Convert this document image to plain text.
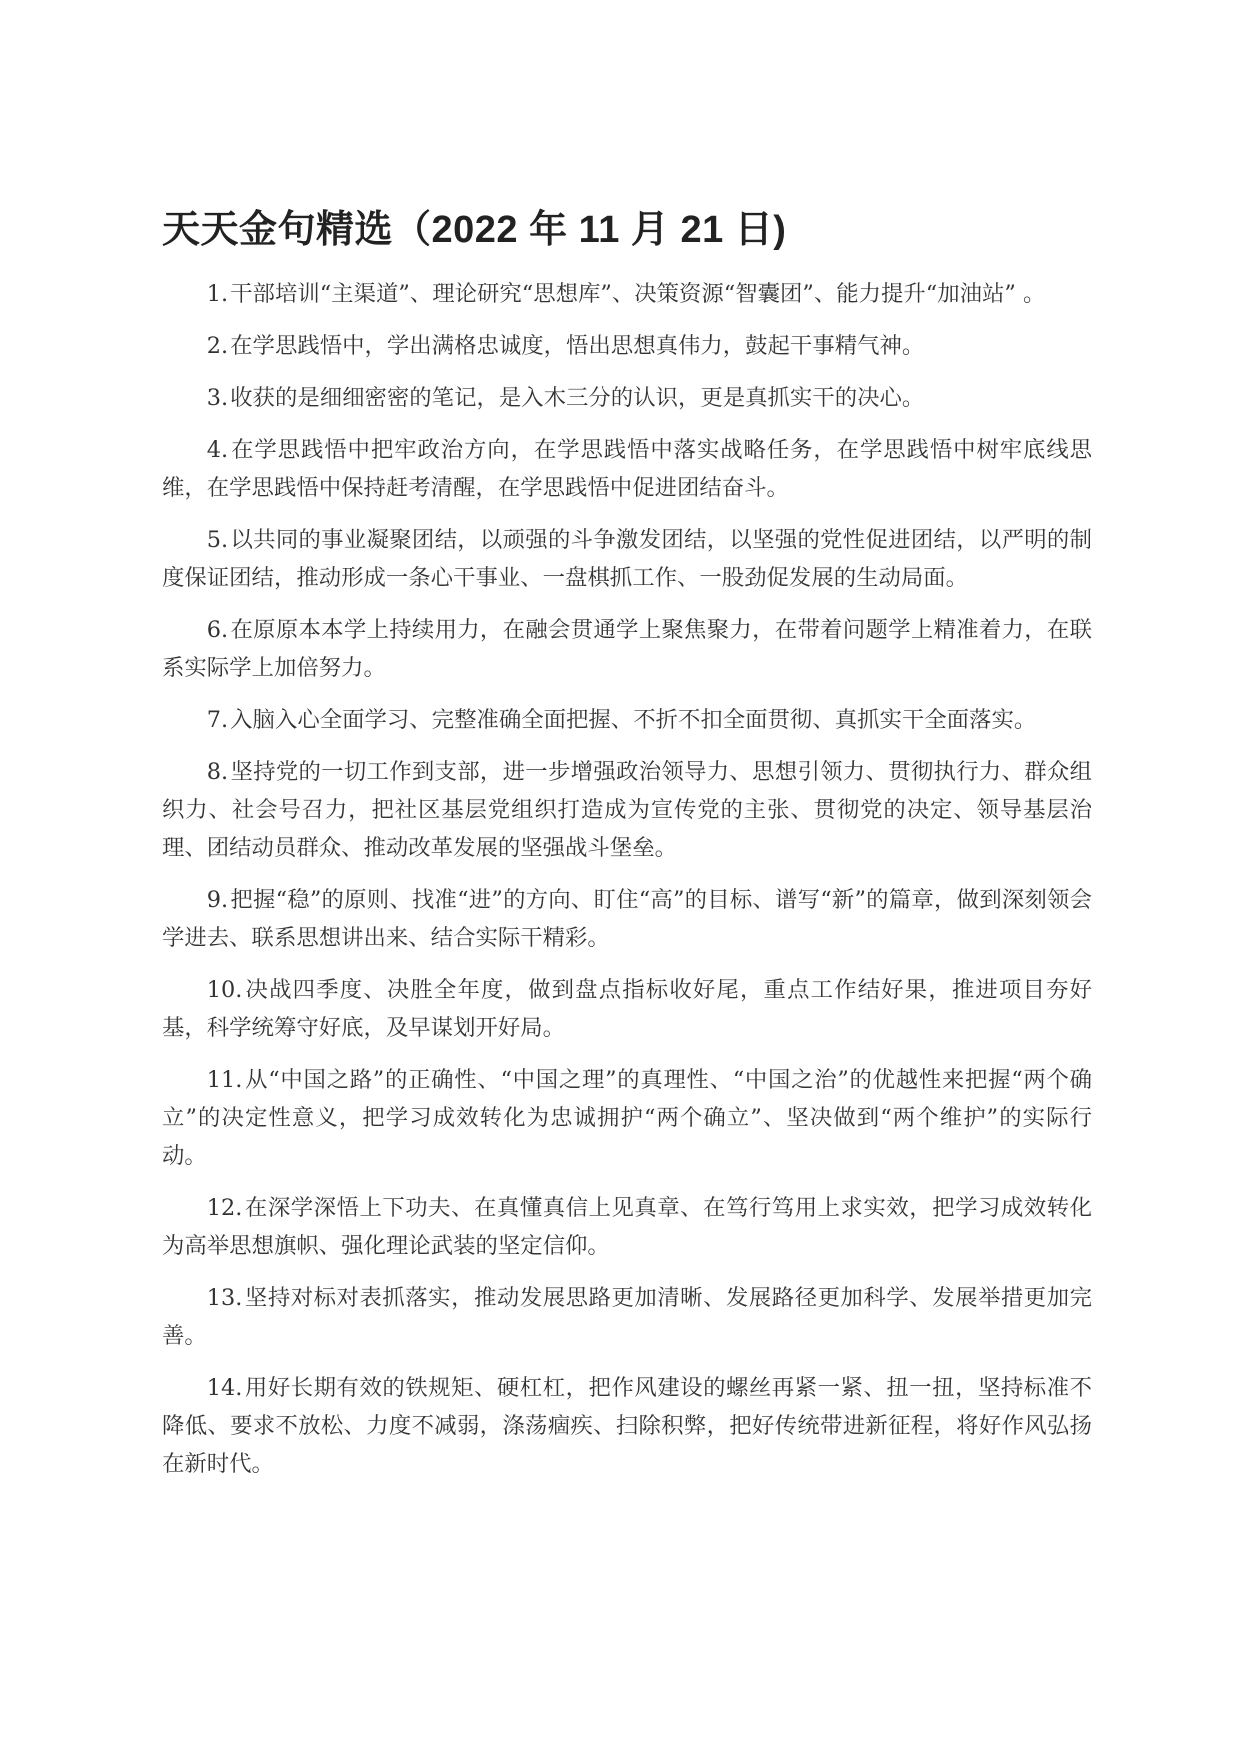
天天金句精选（2022 年 11 月 21 日)

1.干部培训“主渠道”、理论研究“思想库”、决策资源“智囊团”、能力提升“加油站” 。

2.在学思践悟中，学出满格忠诚度，悟出思想真伟力，鼓起干事精气神。

3.收获的是细细密密的笔记，是入木三分的认识，更是真抓实干的决心。

4.在学思践悟中把牢政治方向，在学思践悟中落实战略任务，在学思践悟中树牢底线思维，在学思践悟中保持赶考清醒，在学思践悟中促进团结奋斗。

5.以共同的事业凝聚团结，以顽强的斗争激发团结，以坚强的党性促进团结，以严明的制度保证团结，推动形成一条心干事业、一盘棋抓工作、一股劲促发展的生动局面。

6.在原原本本学上持续用力，在融会贯通学上聚焦聚力，在带着问题学上精准着力，在联系实际学上加倍努力。

7.入脑入心全面学习、完整准确全面把握、不折不扣全面贯彻、真抓实干全面落实。

8.坚持党的一切工作到支部，进一步增强政治领导力、思想引领力、贯彻执行力、群众组织力、社会号召力，把社区基层党组织打造成为宣传党的主张、贯彻党的决定、领导基层治理、团结动员群众、推动改革发展的坚强战斗堡垒。

9.把握“稳”的原则、找准“进”的方向、盯住“高”的目标、谱写“新”的篇章，做到深刻领会学进去、联系思想讲出来、结合实际干精彩。

10.决战四季度、决胜全年度，做到盘点指标收好尾，重点工作结好果，推进项目夯好基，科学统筹守好底，及早谋划开好局。

11.从“中国之路”的正确性、“中国之理”的真理性、“中国之治”的优越性来把握“两个确立”的决定性意义，把学习成效转化为忠诚拥护“两个确立”、坚决做到“两个维护”的实际行动。

12.在深学深悟上下功夫、在真懂真信上见真章、在笃行笃用上求实效，把学习成效转化为高举思想旗帜、强化理论武装的坚定信仰。

13.坚持对标对表抓落实，推动发展思路更加清晰、发展路径更加科学、发展举措更加完善。

14.用好长期有效的铁规矩、硬杠杠，把作风建设的螺丝再紧一紧、扭一扭，坚持标准不降低、要求不放松、力度不减弱，涤荡痼疾、扫除积弊，把好传统带进新征程，将好作风弘扬在新时代。
